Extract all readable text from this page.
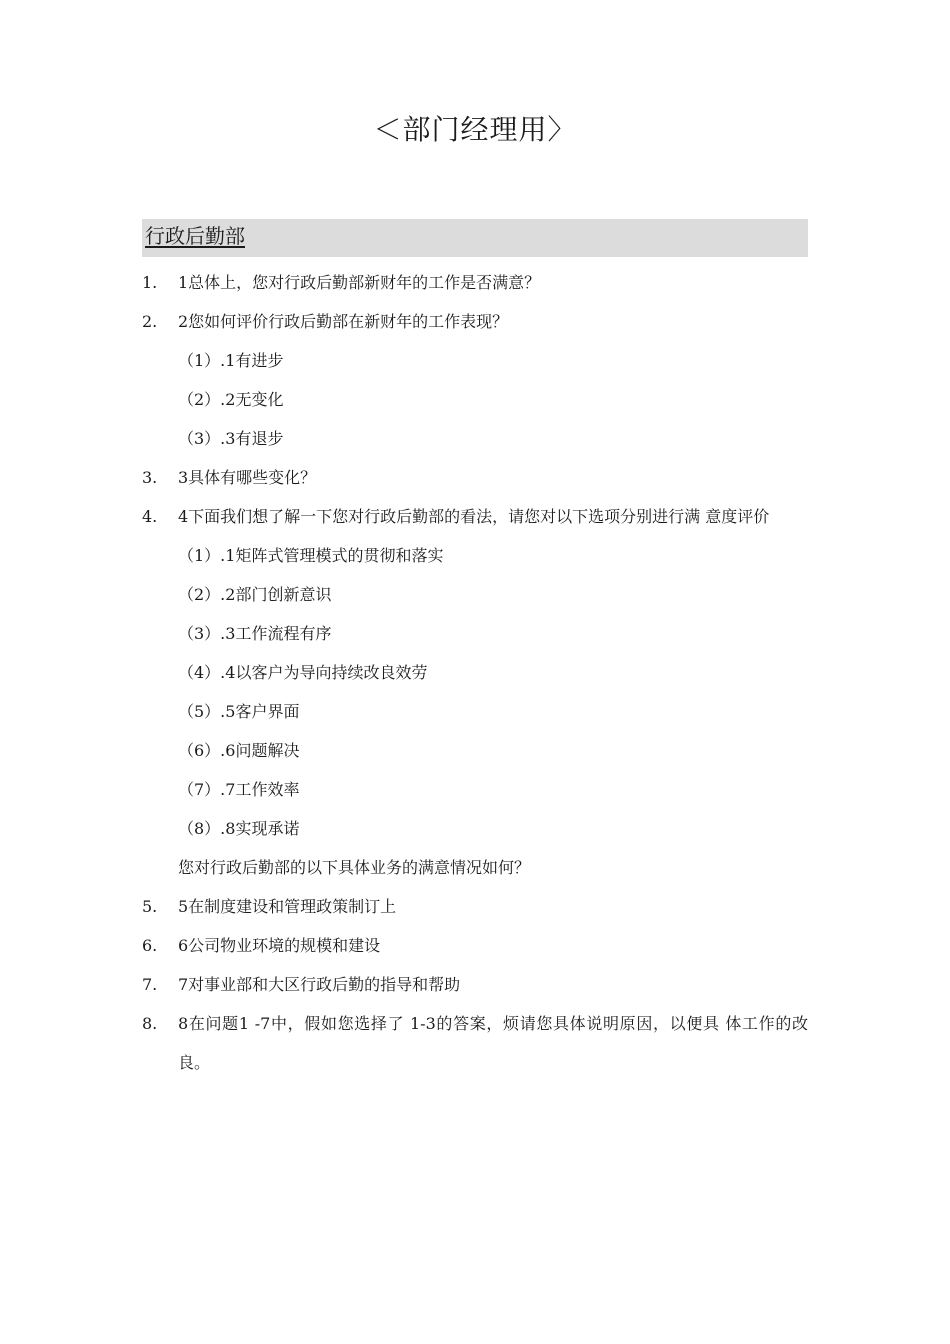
＜部门经理用〉
行政后勤部
1. 1总体上，您对行政后勤部新财年的工作是否满意？
2. 2您如何评价行政后勤部在新财年的工作表现？
（1）.1有进步
（2）.2无变化
（3）.3有退步
3. 3具体有哪些变化？
4. 4下面我们想了解一下您对行政后勤部的看法，请您对以下选项分别进行满 意度评价
（1）.1矩阵式管理模式的贯彻和落实
（2）.2部门创新意识
（3）.3工作流程有序
（4）.4以客户为导向持续改良效劳
（5）.5客户界面
（6）.6问题解决
（7）.7工作效率
（8）.8实现承诺
您对行政后勤部的以下具体业务的满意情况如何？
5. 5在制度建设和管理政策制订上
6. 6公司物业环境的规模和建设
7. 7对事业部和大区行政后勤的指导和帮助
8. 8在问题1 -7中，假如您选择了 1-3的答案，烦请您具体说明原因，以便具 体工作的改良。
